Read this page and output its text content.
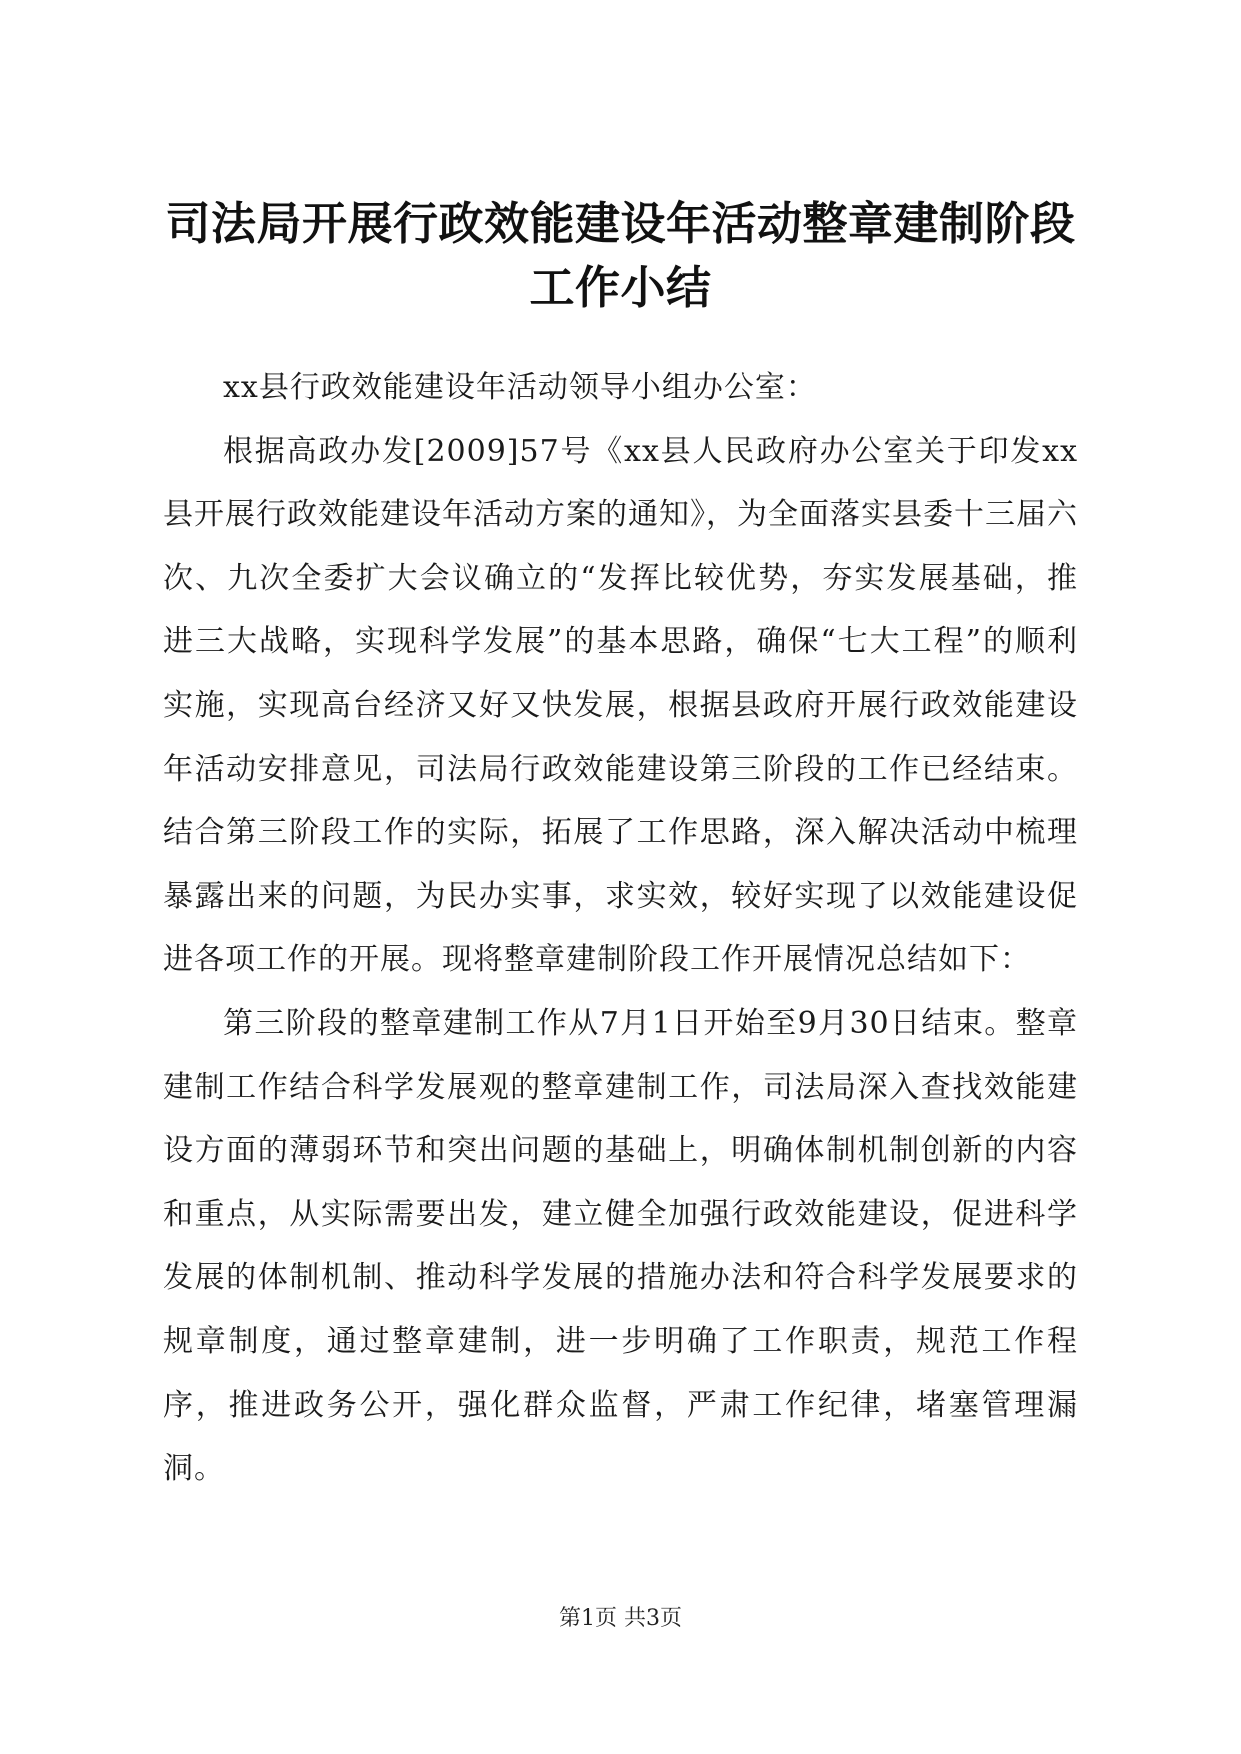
司法局开展行政效能建设年活动整章建制阶段
工作小结

xx县行政效能建设年活动领导小组办公室：

根据高政办发[2009]57号《xx县人民政府办公室关于印发xx县开展行政效能建设年活动方案的通知》，为全面落实县委十三届六次、九次全委扩大会议确立的“发挥比较优势，夯实发展基础，推进三大战略，实现科学发展”的基本思路，确保“七大工程”的顺利实施，实现高台经济又好又快发展，根据县政府开展行政效能建设年活动安排意见，司法局行政效能建设第三阶段的工作已经结束。结合第三阶段工作的实际，拓展了工作思路，深入解决活动中梳理暴露出来的问题，为民办实事，求实效，较好实现了以效能建设促进各项工作的开展。现将整章建制阶段工作开展情况总结如下：

第三阶段的整章建制工作从7月1日开始至9月30日结束。整章建制工作结合科学发展观的整章建制工作，司法局深入查找效能建设方面的薄弱环节和突出问题的基础上，明确体制机制创新的内容和重点，从实际需要出发，建立健全加强行政效能建设，促进科学发展的体制机制、推动科学发展的措施办法和符合科学发展要求的规章制度，通过整章建制，进一步明确了工作职责，规范工作程序，推进政务公开，强化群众监督，严肃工作纪律，堵塞管理漏洞。

第1页 共3页
